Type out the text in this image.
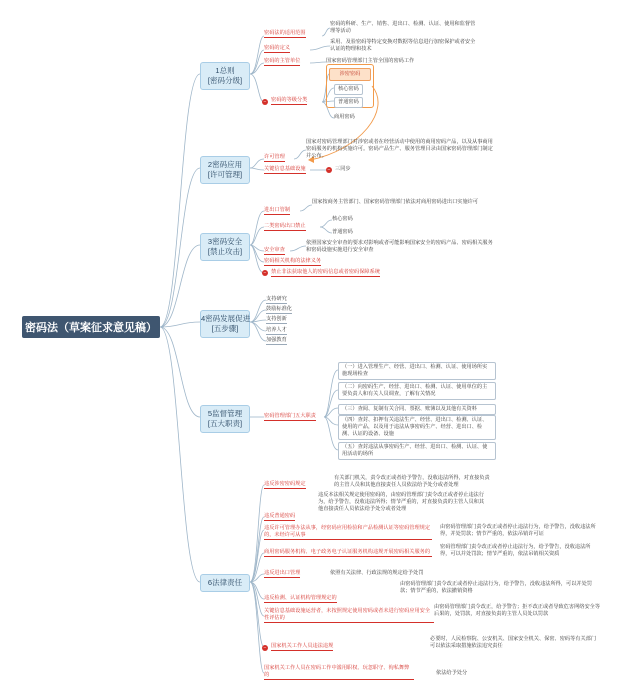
密码法（草案征求意见稿）
1总则
[密码分级]
密码法的适用范围
密码的科研、生产、销售、进出口、检测、认证、使用和监督管理等活动
密码的定义
采用、及验密码等特定变换对数据等信息进行加密保护或者安全认证的物理和技术
密码的主管单位	国家密码管理部门主管全国的密码工作
− 密码的等级分类
涉密密码
核心密码
普通密码
商用密码
2密码应用
[许可管理]
许可管理
国家对密码管理部门对涉密或者在经营活动中使用的商用密码产品，以及从事商用密码服务的机构实施许可。密码产品生产、服务管理目录由国家密码管理部门制定并公布。
关键信息基础设施	− 三同步
3密码安全
[禁止攻击]
国家按商务主管部门、国家密码管理部门依法对商用密码进出口实施许可
进出口管制
二类密码出口禁止
核心密码
普通密码
安全审查
依照国家安全审查的要求对影响或者可能影响国家安全的密码产品、密码相关服务和密码设施实施进行安全审查
密码相关机构的法律义务
− 禁止非法获取他人的密码信息或者密码保障系统
4密码发展促进
[五步骤]
支持研究
鼓励标准化
支持创新
培养人才
加强教育
5监督管理
[五大职责]
密码管理部门五大职责
（一）进入管理生产、经营、进出口、检测、认证、使用场所实施现场检查
（二）向密码生产、经营、进出口、检测、认证、使用单位的主要负责人和有关人员调查，了解有关情况
（三）查阅、复制有关合同、票据、账簿以及其他有关资料
（四）查封、扣押有关违法生产、经营、进出口、检测、认证、使用的产品，以及用于违法从事密码生产、经营、进出口、检测、认证的设备、设施
（五）查封违法从事密码生产、经营、进出口、检测、认证、使用活动的场所
6法律责任
违反涉密密码规定
有关部门机关，责令改正或者给予警告，没收违法所得，对直接负责的主管人员和其他直接责任人员依法给予处分或者处理
违反普通密码
违反本法相关规定使用密码的，由密码管理部门责令改正或者停止违法行为，给予警告，没收违法所得；情节严重的，对直接负责的主管人员和其他直接责任人员依法给予处分或者处理
违反许可管理办法从事，经密码应用检验和产品检测认证等密码管理规定的，未经许可从事
由密码管理部门责令改正或者停止违法行为，给予警告，没收违法所得，并处罚款；情节严重的，依法吊销许可证
商用密码服务机构、电子政务电子认证服务机构违规开展密码相关服务的
密码管理部门责令改正或者停止违法行为，给予警告，没收违法所得，可以并处罚款；情节严重的，依法吊销相关资质
违反进出口管理	依照有关法律、行政法规的规定给予处罚
违反检测、认证机构管理规定的
由密码管理部门责令改正或者停止违法行为，给予警告，没收违法所得，可以并处罚款；情节严重的，依法撤销资格
关键信息基础设施运营者，未按照规定使用密码或者未进行密码应用安全性评估的
由密码管理部门责令改正，给予警告；拒不改正或者导致危害网络安全等后果的，处罚款，对直接负责的主管人员处以罚款
− 国家机关工作人员违法违规
必要时，人民检察院、公安机关、国家安全机关、保密、密码等有关部门可以依法采取措施依法追究责任
国家机关工作人员在密码工作中滥用职权、玩忽职守、徇私舞弊的	依法给予处分
